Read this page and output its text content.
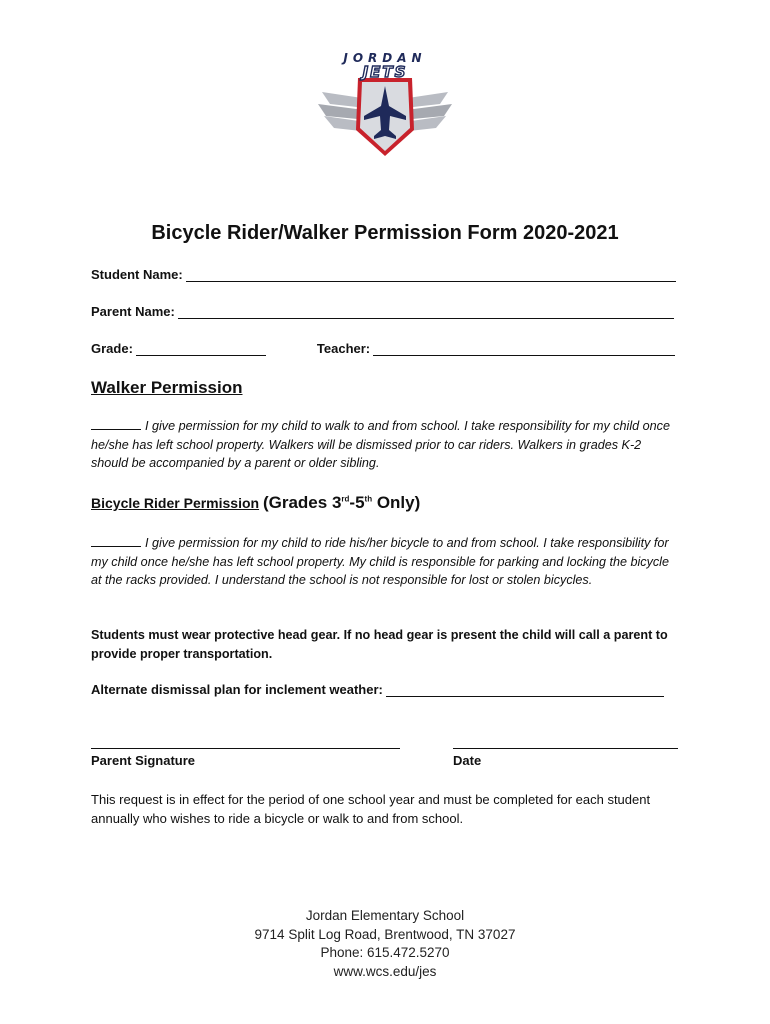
JORDAN
JETS
Bicycle Rider/Walker Permission Form 2020-2021
Student Name:
Parent Name:
Grade:	Teacher:
Walker Permission
I give permission for my child to walk to and from school. I take responsibility for my child once he/she has left school property. Walkers will be dismissed prior to car riders. Walkers in grades K-2 should be accompanied by a parent or older sibling.
Bicycle Rider Permission (Grades 3rd-5th Only)
I give permission for my child to ride his/her bicycle to and from school. I take responsibility for my child once he/she has left school property. My child is responsible for parking and locking the bicycle at the racks provided. I understand the school is not responsible for lost or stolen bicycles.
Students must wear protective head gear. If no head gear is present the child will call a parent to provide proper transportation.
Alternate dismissal plan for inclement weather:
Parent Signature	Date
This request is in effect for the period of one school year and must be completed for each student annually who wishes to ride a bicycle or walk to and from school.
Jordan Elementary School
9714 Split Log Road, Brentwood, TN 37027
Phone: 615.472.5270
www.wcs.edu/jes
